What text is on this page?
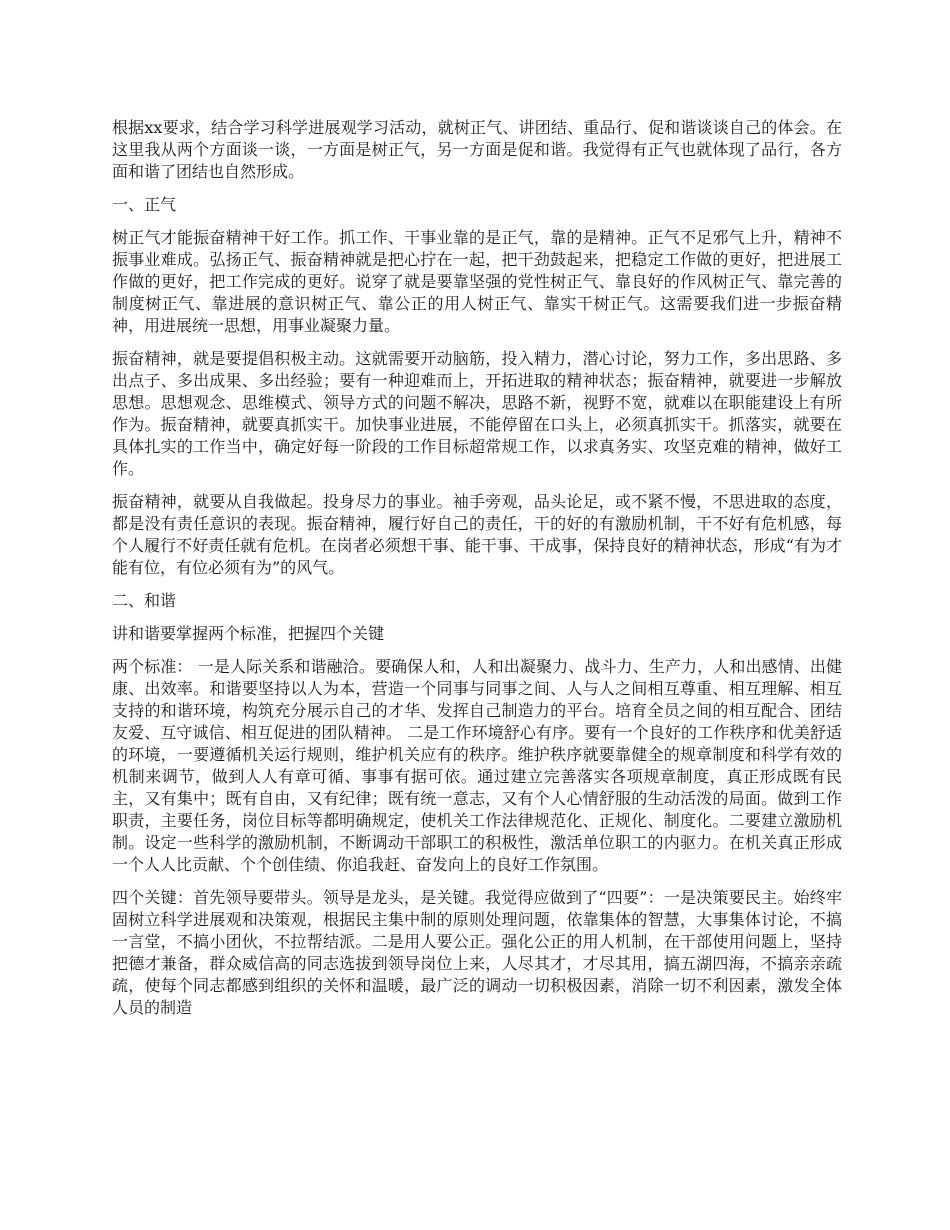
根据xx要求，结合学习科学进展观学习活动，就树正气、讲团结、重品行、促和谐谈谈自己的体会。在这里我从两个方面谈一谈，一方面是树正气，另一方面是促和谐。我觉得有正气也就体现了品行，各方面和谐了团结也自然形成。

一、正气

树正气才能振奋精神干好工作。抓工作、干事业靠的是正气，靠的是精神。正气不足邪气上升，精神不振事业难成。弘扬正气、振奋精神就是把心拧在一起，把干劲鼓起来，把稳定工作做的更好，把进展工作做的更好，把工作完成的更好。说穿了就是要靠坚强的党性树正气、靠良好的作风树正气、靠完善的制度树正气、靠进展的意识树正气、靠公正的用人树正气、靠实干树正气。这需要我们进一步振奋精神，用进展统一思想，用事业凝聚力量。

振奋精神，就是要提倡积极主动。这就需要开动脑筋，投入精力，潜心讨论，努力工作，多出思路、多出点子、多出成果、多出经验；要有一种迎难而上，开拓进取的精神状态；振奋精神，就要进一步解放思想。思想观念、思维模式、领导方式的问题不解决，思路不新，视野不宽，就难以在职能建设上有所作为。振奋精神，就要真抓实干。加快事业进展，不能停留在口头上，必须真抓实干。抓落实，就要在具体扎实的工作当中，确定好每一阶段的工作目标超常规工作，以求真务实、攻坚克难的精神，做好工作。

振奋精神，就要从自我做起。投身尽力的事业。袖手旁观，品头论足，或不紧不慢，不思进取的态度，都是没有责任意识的表现。振奋精神，履行好自己的责任，干的好的有激励机制，干不好有危机感，每个人履行不好责任就有危机。在岗者必须想干事、能干事、干成事，保持良好的精神状态，形成“有为才能有位，有位必须有为”的风气。

二、和谐

讲和谐要掌握两个标准，把握四个关键

两个标准： 一是人际关系和谐融洽。要确保人和，人和出凝聚力、战斗力、生产力，人和出感情、出健康、出效率。和谐要坚持以人为本，营造一个同事与同事之间、人与人之间相互尊重、相互理解、相互支持的和谐环境，构筑充分展示自己的才华、发挥自己制造力的平台。培育全员之间的相互配合、团结友爱、互守诚信、相互促进的团队精神。 二是工作环境舒心有序。要有一个良好的工作秩序和优美舒适的环境，一要遵循机关运行规则，维护机关应有的秩序。维护秩序就要靠健全的规章制度和科学有效的机制来调节，做到人人有章可循、事事有据可依。通过建立完善落实各项规章制度，真正形成既有民主，又有集中；既有自由，又有纪律；既有统一意志，又有个人心情舒服的生动活泼的局面。做到工作职责，主要任务，岗位目标等都明确规定，使机关工作法律规范化、正规化、制度化。二要建立激励机制。设定一些科学的激励机制，不断调动干部职工的积极性，激活单位职工的内驱力。在机关真正形成一个人人比贡献、个个创佳绩、你追我赶、奋发向上的良好工作氛围。

四个关键：首先领导要带头。领导是龙头，是关键。我觉得应做到了“四要”：一是决策要民主。始终牢固树立科学进展观和决策观，根据民主集中制的原则处理问题，依靠集体的智慧，大事集体讨论，不搞一言堂，不搞小团伙，不拉帮结派。二是用人要公正。强化公正的用人机制，在干部使用问题上，坚持把德才兼备，群众威信高的同志选拔到领导岗位上来，人尽其才，才尽其用，搞五湖四海，不搞亲亲疏疏，使每个同志都感到组织的关怀和温暖，最广泛的调动一切积极因素，消除一切不利因素，激发全体人员的制造
